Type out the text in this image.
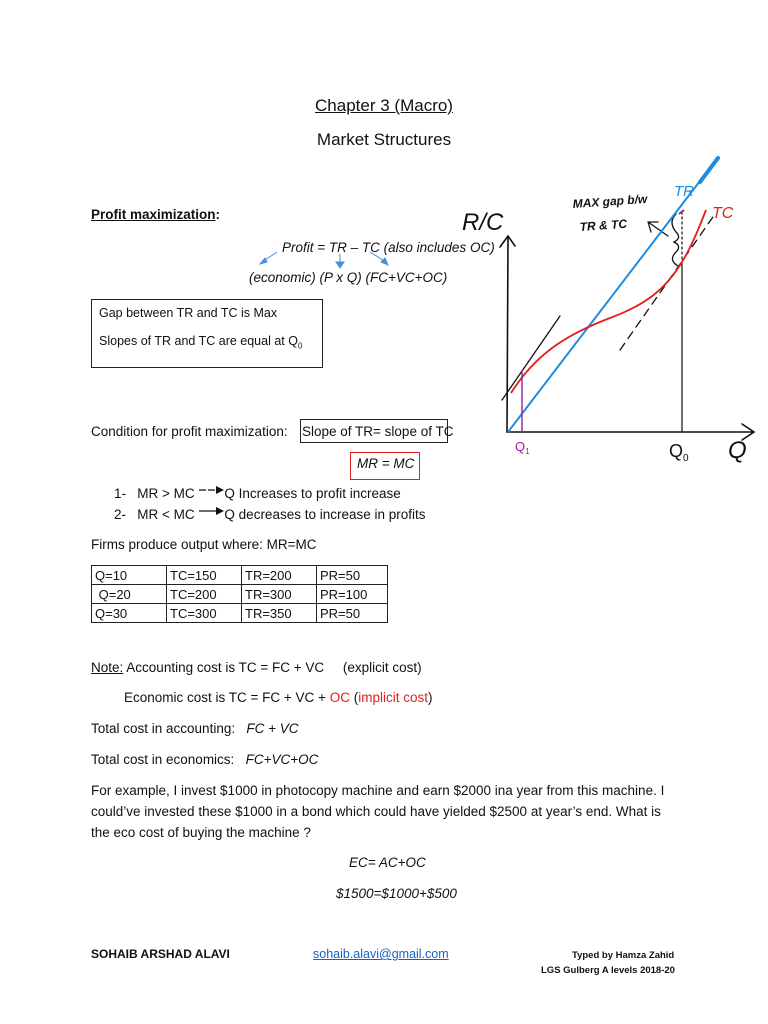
Chapter 3 (Macro)
Market Structures
Profit maximization:
Profit = TR – TC (also includes OC)
(economic) (P x Q) (FC+VC+OC)
Gap between TR and TC is Max
Slopes of TR and TC are equal at $Q_0$
Condition for profit maximization: Slope of TR= slope of TC
MR = MC
1- MR > MC Q Increases to profit increase
2- MR < MC Q decreases to increase in profits
Firms produce output where: MR=MC
Q=10	TC=150	TR=200	PR=50
Q=20	TC=200	TR=300	PR=100
Q=30	TC=300	TR=350	PR=50
Note: Accounting cost is TC = FC + VC     (explicit cost)
Economic cost is TC = FC + VC + OC (implicit cost)
Total cost in accounting: FC + VC
Total cost in economics: FC+VC+OC
For example, I invest $1000 in photocopy machine and earn $2000 ina year from this machine. I
could’ve invested these $1000 in a bond which could have yielded $2500 at year’s end. What is
the eco cost of buying the machine ?
EC= AC+OC
$1500=$1000+$500
SOHAIB ARSHAD ALAVI	sohaib.alavi@gmail.com	Typed by Hamza Zahid
LGS Gulberg A levels 2018-20
R/C
Q
$Q_0$
MAX gap b/w
TR & TC
TR
TC
$Q_1$
